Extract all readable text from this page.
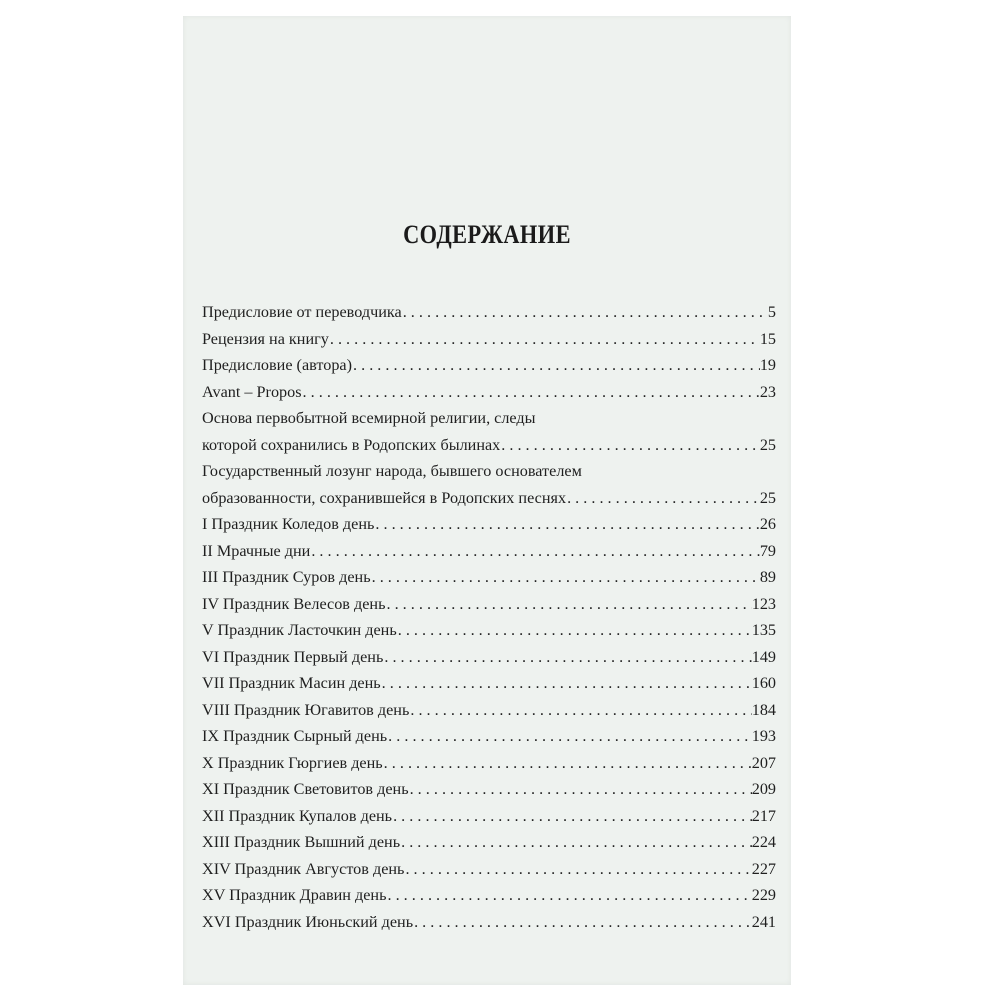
СОДЕРЖАНИЕ
Предисловие от переводчика . . .	5
Рецензия на книгу . . .	15
Предисловие (автора) . . .	19
Avant – Propos . . .	23
Основа первобытной всемирной религии, следы
которой сохранились в Родопских былинах . . .	25
Государственный лозунг народа, бывшего основателем
образованности, сохранившейся в Родопских песнях . . .	25
I Праздник Коледов день . . .	26
II Мрачные дни . . .	79
III Праздник Суров день . . .	89
IV Праздник Велесов день . . .	123
V Праздник Ласточкин день . . .	135
VI Праздник Первый день . . .	149
VII Праздник Масин день . . .	160
VIII Праздник Югавитов день . . .	184
IX Праздник Сырный день . . .	193
X Праздник Гюргиев день . . .	207
XI Праздник Световитов день . . .	209
XII Праздник Купалов день . . .	217
XIII Праздник Вышний день . . .	224
XIV Праздник Августов день . . .	227
XV Праздник Дравин день . . .	229
XVI Праздник Июньский день . . .	241
